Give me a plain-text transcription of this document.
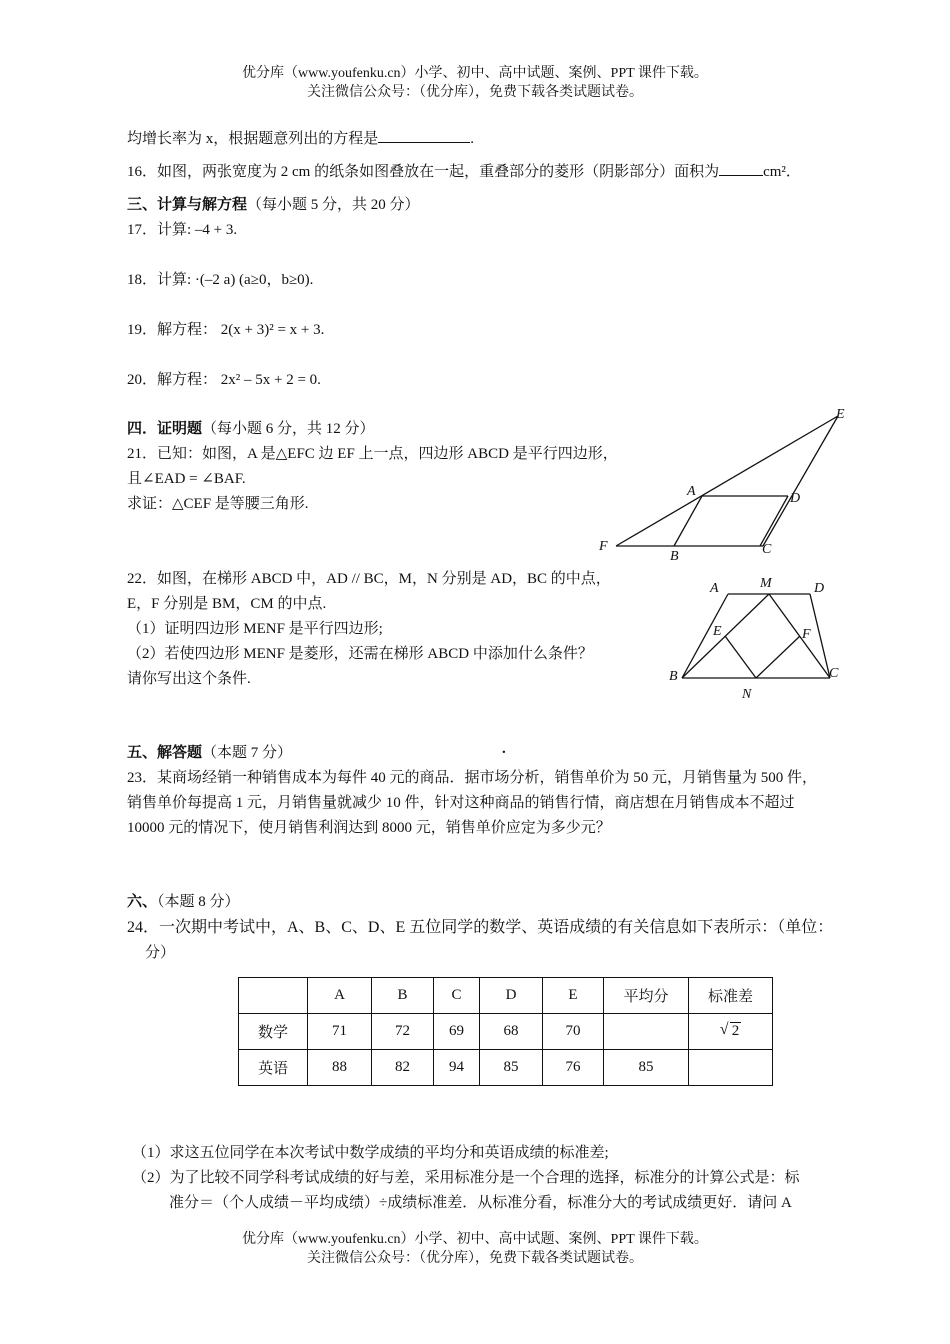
优分库（www.youfenku.cn）小学、初中、高中试题、案例、PPT 课件下载。
关注微信公众号：（优分库），免费下载各类试题试卷。
均增长率为 x，根据题意列出的方程是	.
16．如图，两张宽度为 2 cm 的纸条如图叠放在一起，重叠部分的菱形（阴影部分）面积为	cm²．
三、计算与解方程（每小题 5 分，共 20 分）
17．计算: –4 + 3.
18．计算: ·(–2 a) (a≥0，b≥0).
19．解方程： 2(x + 3)² = x + 3.
20．解方程： 2x² – 5x + 2 = 0.
四．证明题（每小题 6 分，共 12 分）
21．已知：如图，A 是△EFC 边 EF 上一点，四边形 ABCD 是平行四边形，
且∠EAD = ∠BAF.
求证：△CEF 是等腰三角形.
E
A	D
F
B	C
22．如图，在梯形 ABCD 中，AD // BC，M，N 分别是 AD，BC 的中点，
E，F 分别是 BM，CM 的中点.
（1）证明四边形 MENF 是平行四边形;
（2）若使四边形 MENF 是菱形，还需在梯形 ABCD 中添加什么条件？
请你写出这个条件.
A	M	D
E	F
B
N
C
五、解答题（本题 7 分）	.
23．某商场经销一种销售成本为每件 40 元的商品．据市场分析，销售单价为 50 元，月销售量为 500 件，
销售单价每提高 1 元，月销售量就减少 10 件，针对这种商品的销售行情，商店想在月销售成本不超过
10000 元的情况下，使月销售利润达到 8000 元，销售单价应定为多少元？
六、（本题 8 分）
24．一次期中考试中，A、B、C、D、E 五位同学的数学、英语成绩的有关信息如下表所示：（单位：
分）
	A	B	C	D	E	平均分	标准差
数学	71	72	69	68	70		√ 2
英语	88	82	94	85	76	85	
（1）求这五位同学在本次考试中数学成绩的平均分和英语成绩的标准差;
（2）为了比较不同学科考试成绩的好与差，采用标准分是一个合理的选择，标准分的计算公式是：标
准分＝（个人成绩－平均成绩）÷成绩标准差．从标准分看，标准分大的考试成绩更好．请问 A
优分库（www.youfenku.cn）小学、初中、高中试题、案例、PPT 课件下载。
关注微信公众号：（优分库），免费下载各类试题试卷。
